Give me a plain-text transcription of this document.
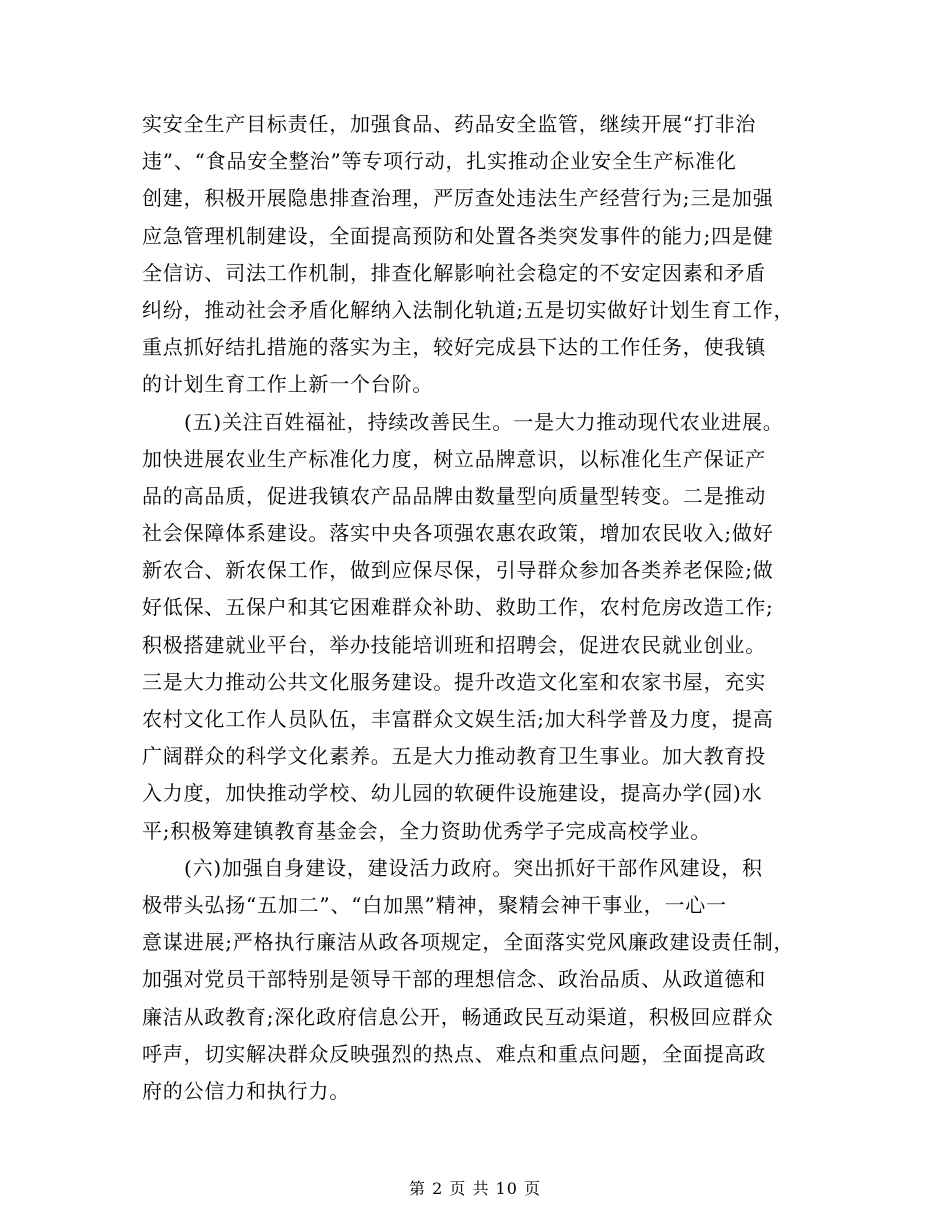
实安全生产目标责任，加强食品、药品安全监管，继续开展“打非治
违”、“食品安全整治”等专项行动，扎实推动企业安全生产标准化
创建，积极开展隐患排查治理，严厉查处违法生产经营行为;三是加强
应急管理机制建设，全面提高预防和处置各类突发事件的能力;四是健
全信访、司法工作机制，排查化解影响社会稳定的不安定因素和矛盾
纠纷，推动社会矛盾化解纳入法制化轨道;五是切实做好计划生育工作，
重点抓好结扎措施的落实为主，较好完成县下达的工作任务，使我镇
的计划生育工作上新一个台阶。
(五)关注百姓福祉，持续改善民生。一是大力推动现代农业进展。
加快进展农业生产标准化力度，树立品牌意识，以标准化生产保证产
品的高品质，促进我镇农产品品牌由数量型向质量型转变。二是推动
社会保障体系建设。落实中央各项强农惠农政策，增加农民收入;做好
新农合、新农保工作，做到应保尽保，引导群众参加各类养老保险;做
好低保、五保户和其它困难群众补助、救助工作，农村危房改造工作;
积极搭建就业平台，举办技能培训班和招聘会，促进农民就业创业。
三是大力推动公共文化服务建设。提升改造文化室和农家书屋，充实
农村文化工作人员队伍，丰富群众文娱生活;加大科学普及力度，提高
广阔群众的科学文化素养。五是大力推动教育卫生事业。加大教育投
入力度，加快推动学校、幼儿园的软硬件设施建设，提高办学(园)水
平;积极筹建镇教育基金会，全力资助优秀学子完成高校学业。
(六)加强自身建设，建设活力政府。突出抓好干部作风建设，积
极带头弘扬“五加二”、“白加黑”精神，聚精会神干事业，一心一
意谋进展;严格执行廉洁从政各项规定，全面落实党风廉政建设责任制，
加强对党员干部特别是领导干部的理想信念、政治品质、从政道德和
廉洁从政教育;深化政府信息公开，畅通政民互动渠道，积极回应群众
呼声，切实解决群众反映强烈的热点、难点和重点问题，全面提高政
府的公信力和执行力。
第 2 页 共 10 页
